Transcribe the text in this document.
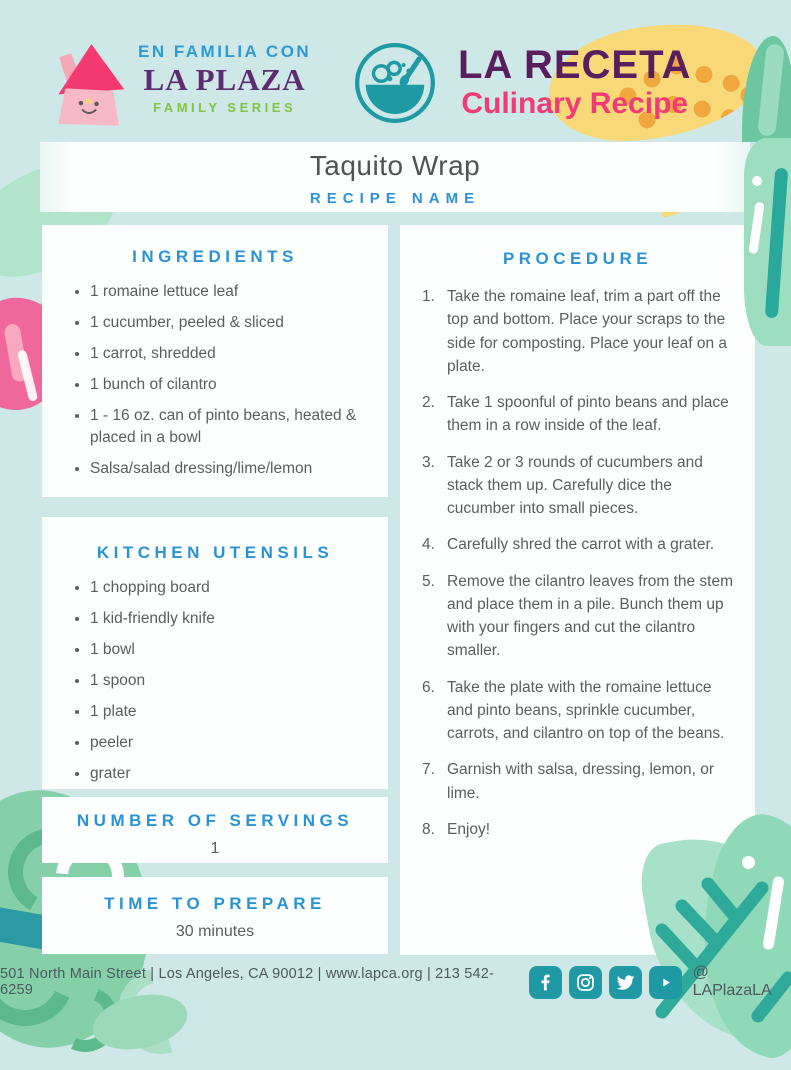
EN FAMILIA CON
LA PLAZA
FAMILY SERIES
LA RECETA
Culinary Recipe
Taquito Wrap
RECIPE NAME
INGREDIENTS
• 1 romaine lettuce leaf
• 1 cucumber, peeled & sliced
• 1 carrot, shredded
• 1 bunch of cilantro
• 1 - 16 oz. can of pinto beans, heated & placed in a bowl
• Salsa/salad dressing/lime/lemon
KITCHEN UTENSILS
• 1 chopping board
• 1 kid-friendly knife
• 1 bowl
• 1 spoon
• 1 plate
• peeler
• grater
NUMBER OF SERVINGS
1
TIME TO PREPARE
30 minutes
PROCEDURE
1. Take the romaine leaf, trim a part off the top and bottom. Place your scraps to the side for composting. Place your leaf on a plate.
2. Take 1 spoonful of pinto beans and place them in a row inside of the leaf.
3. Take 2 or 3 rounds of cucumbers and stack them up. Carefully dice the cucumber into small pieces.
4. Carefully shred the carrot with a grater.
5. Remove the cilantro leaves from the stem and place them in a pile. Bunch them up with your fingers and cut the cilantro smaller.
6. Take the plate with the romaine lettuce and pinto beans, sprinkle cucumber, carrots, and cilantro on top of the beans.
7. Garnish with salsa, dressing, lemon, or lime.
8. Enjoy!
501 North Main Street | Los Angeles, CA 90012 | www.lapca.org | 213 542-6259
@ LAPlazaLA
